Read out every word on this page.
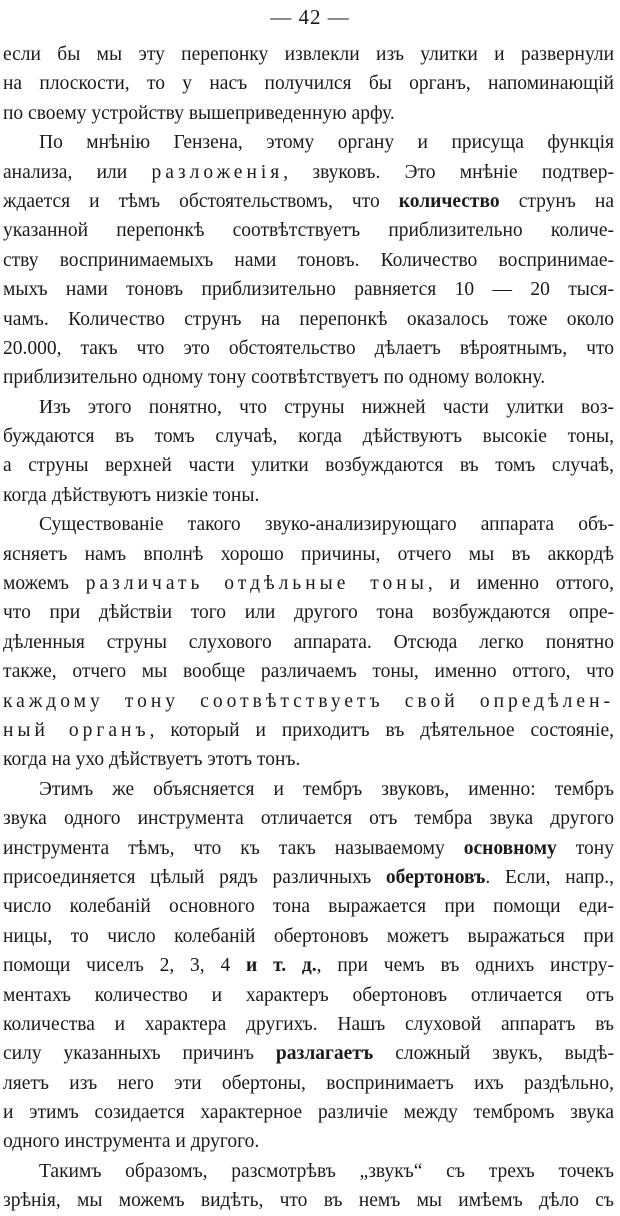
— 42 —
если бы мы эту перепонку извлекли изъ улитки и развернули
на плоскости, то у насъ получился бы органъ, напоминающій
по своему устройству вышеприведенную арфу.
По мнѣнію Гензена, этому органу и присуща функція
анализа, или разложенія, звуковъ. Это мнѣніе подтвер-
ждается и тѣмъ обстоятельствомъ, что количество струнъ на
указанной перепонкѣ соотвѣтствуетъ приблизительно количе-
ству воспринимаемыхъ нами тоновъ. Количество воспринимае-
мыхъ нами тоновъ приблизительно равняется 10 — 20 тыся-
чамъ. Количество струнъ на перепонкѣ оказалось тоже около
20.000, такъ что это обстоятельство дѣлаетъ вѣроятнымъ, что
приблизительно одному тону соотвѣтствуетъ по одному волокну.
Изъ этого понятно, что струны нижней части улитки воз-
буждаются въ томъ случаѣ, когда дѣйствуютъ высокіе тоны,
а струны верхней части улитки возбуждаются въ томъ случаѣ,
когда дѣйствуютъ низкіе тоны.
Существованіе такого звуко-анализирующаго аппарата объ-
ясняетъ намъ вполнѣ хорошо причины, отчего мы въ аккордѣ
можемъ различать отдѣльные тоны, и именно оттого,
что при дѣйствіи того или другого тона возбуждаются опре-
дѣленныя струны слухового аппарата. Отсюда легко понятно
также, отчего мы вообще различаемъ тоны, именно оттого, что
каждому тону соотвѣтствуетъ свой опредѣлен-
ный органъ, который и приходитъ въ дѣятельное состояніе,
когда на ухо дѣйствуетъ этотъ тонъ.
Этимъ же объясняется и тембръ звуковъ, именно: тембръ
звука одного инструмента отличается отъ тембра звука другого
инструмента тѣмъ, что къ такъ называемому основному тону
присоединяется цѣлый рядъ различныхъ обертоновъ. Если, напр.,
число колебаній основного тона выражается при помощи еди-
ницы, то число колебаній обертоновъ можетъ выражаться при
помощи чиселъ 2, 3, 4 и т. д., при чемъ въ однихъ инстру-
ментахъ количество и характеръ обертоновъ отличается отъ
количества и характера другихъ. Нашъ слуховой аппаратъ въ
силу указанныхъ причинъ разлагаетъ сложный звукъ, выдѣ-
ляетъ изъ него эти обертоны, воспринимаетъ ихъ раздѣльно,
и этимъ созидается характерное различіе между тембромъ звука
одного инструмента и другого.
Такимъ образомъ, разсмотрѣвъ „звукъ“ съ трехъ точекъ
зрѣнія, мы можемъ видѣть, что въ немъ мы имѣемъ дѣло съ
